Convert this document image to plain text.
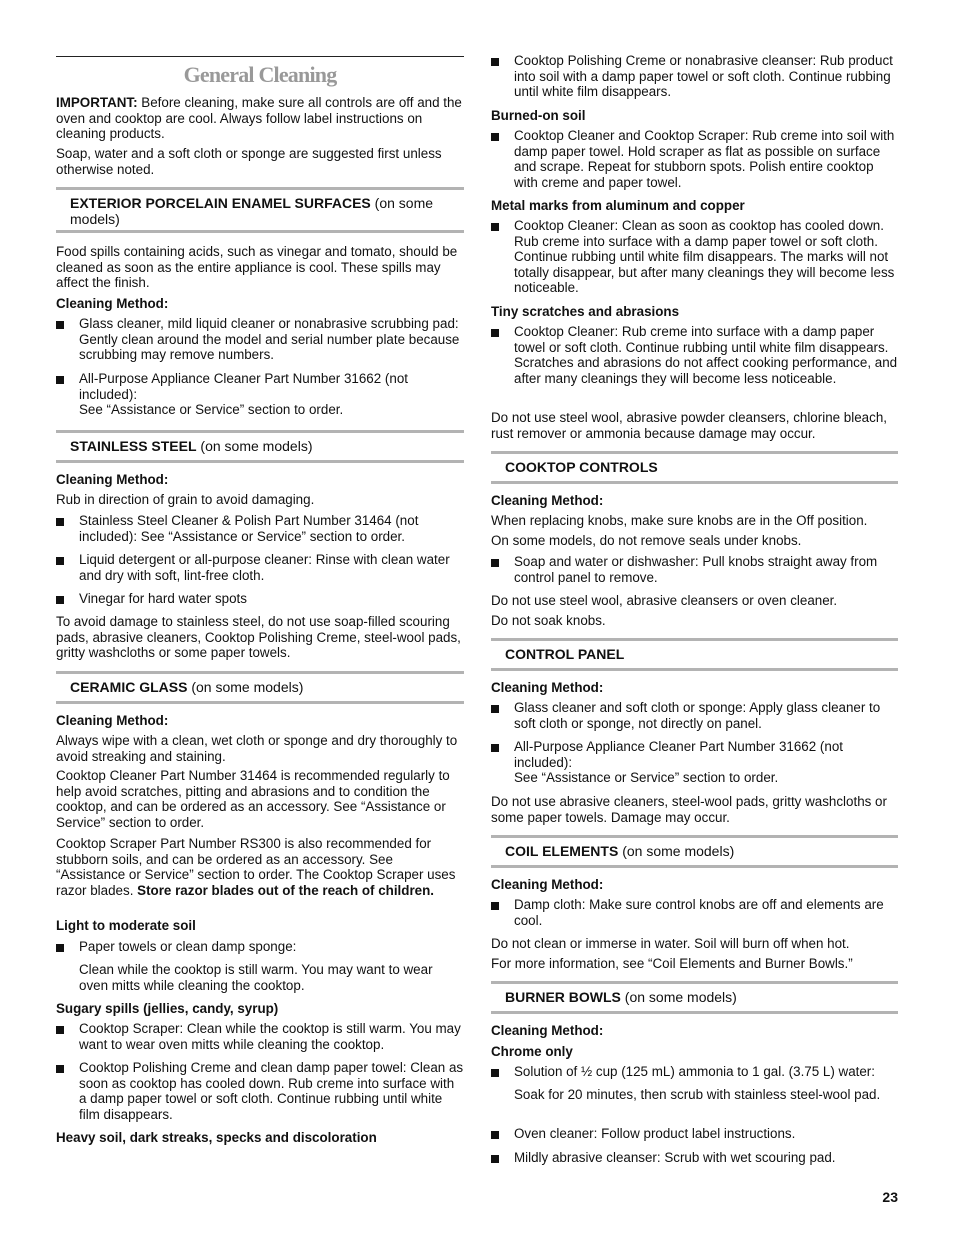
General Cleaning

IMPORTANT: Before cleaning, make sure all controls are off and the oven and cooktop are cool. Always follow label instructions on cleaning products.

Soap, water and a soft cloth or sponge are suggested first unless otherwise noted.

EXTERIOR PORCELAIN ENAMEL SURFACES (on some models)

Food spills containing acids, such as vinegar and tomato, should be cleaned as soon as the entire appliance is cool. These spills may affect the finish.

Cleaning Method:

Glass cleaner, mild liquid cleaner or nonabrasive scrubbing pad: Gently clean around the model and serial number plate because scrubbing may remove numbers.
All-Purpose Appliance Cleaner Part Number 31662 (not included):
See “Assistance or Service” section to order.
STAINLESS STEEL (on some models)

Cleaning Method:

Rub in direction of grain to avoid damaging.

Stainless Steel Cleaner & Polish Part Number 31464 (not included): See “Assistance or Service” section to order.
Liquid detergent or all-purpose cleaner: Rinse with clean water and dry with soft, lint-free cloth.
Vinegar for hard water spots

To avoid damage to stainless steel, do not use soap-filled scouring pads, abrasive cleaners, Cooktop Polishing Creme, steel-wool pads, gritty washcloths or some paper towels.

CERAMIC GLASS (on some models)

Cleaning Method:

Always wipe with a clean, wet cloth or sponge and dry thoroughly to avoid streaking and staining.

Cooktop Cleaner Part Number 31464 is recommended regularly to help avoid scratches, pitting and abrasions and to condition the cooktop, and can be ordered as an accessory. See “Assistance or Service” section to order.

Cooktop Scraper Part Number RS300 is also recommended for stubborn soils, and can be ordered as an accessory. See “Assistance or Service” section to order. The Cooktop Scraper uses razor blades. Store razor blades out of the reach of children.

Light to moderate soil

Paper towels or clean damp sponge:

Clean while the cooktop is still warm. You may want to wear oven mitts while cleaning the cooktop.

Sugary spills (jellies, candy, syrup)

Cooktop Scraper: Clean while the cooktop is still warm. You may want to wear oven mitts while cleaning the cooktop.
Cooktop Polishing Creme and clean damp paper towel: Clean as soon as cooktop has cooled down. Rub creme into surface with a damp paper towel or soft cloth. Continue rubbing until white film disappears.

Heavy soil, dark streaks, specks and discoloration

Cooktop Polishing Creme or nonabrasive cleanser: Rub product into soil with a damp paper towel or soft cloth. Continue rubbing until white film disappears.

Burned-on soil

Cooktop Cleaner and Cooktop Scraper: Rub creme into soil with damp paper towel. Hold scraper as flat as possible on surface and scrape. Repeat for stubborn spots. Polish entire cooktop with creme and paper towel.

Metal marks from aluminum and copper

Cooktop Cleaner: Clean as soon as cooktop has cooled down. Rub creme into surface with a damp paper towel or soft cloth. Continue rubbing until white film disappears. The marks will not totally disappear, but after many cleanings they will become less noticeable.

Tiny scratches and abrasions

Cooktop Cleaner: Rub creme into surface with a damp paper towel or soft cloth. Continue rubbing until white film disappears. Scratches and abrasions do not affect cooking performance, and after many cleanings they will become less noticeable.

Do not use steel wool, abrasive powder cleansers, chlorine bleach, rust remover or ammonia because damage may occur.

COOKTOP CONTROLS

Cleaning Method:

When replacing knobs, make sure knobs are in the Off position.

On some models, do not remove seals under knobs.

Soap and water or dishwasher: Pull knobs straight away from control panel to remove.

Do not use steel wool, abrasive cleansers or oven cleaner.

Do not soak knobs.

CONTROL PANEL

Cleaning Method:

Glass cleaner and soft cloth or sponge: Apply glass cleaner to soft cloth or sponge, not directly on panel.
All-Purpose Appliance Cleaner Part Number 31662 (not included):
See “Assistance or Service” section to order.

Do not use abrasive cleaners, steel-wool pads, gritty washcloths or some paper towels. Damage may occur.

COIL ELEMENTS (on some models)

Cleaning Method:

Damp cloth: Make sure control knobs are off and elements are cool.

Do not clean or immerse in water. Soil will burn off when hot.

For more information, see “Coil Elements and Burner Bowls.”

BURNER BOWLS (on some models)

Cleaning Method:

Chrome only

Solution of ½ cup (125 mL) ammonia to 1 gal. (3.75 L) water:

Soak for 20 minutes, then scrub with stainless steel-wool pad.

Oven cleaner: Follow product label instructions.
Mildly abrasive cleanser: Scrub with wet scouring pad.
23
